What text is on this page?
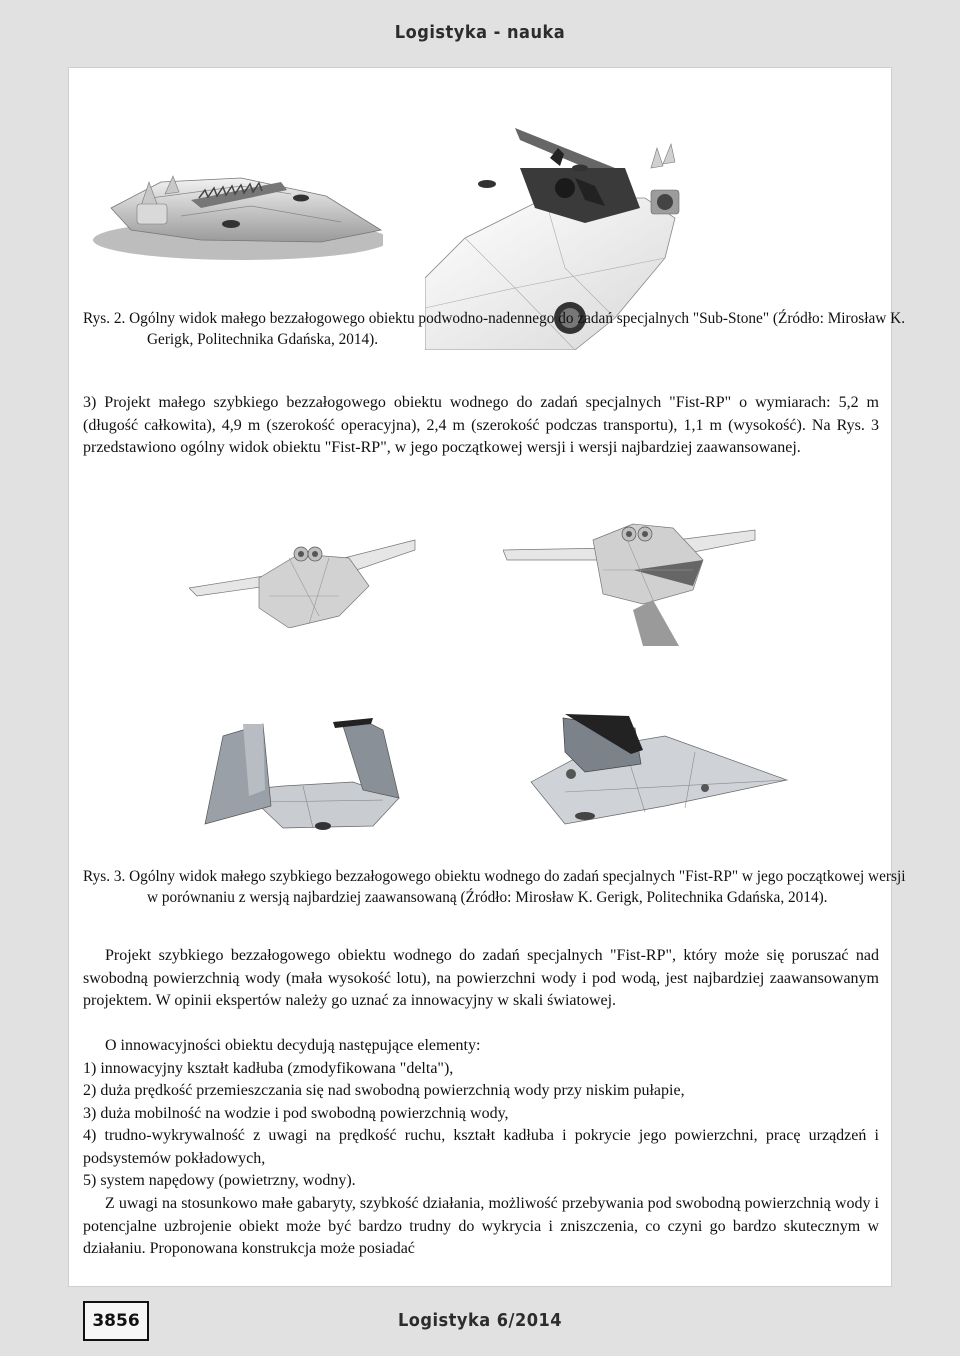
Logistyka - nauka
Rys. 2. Ogólny widok małego bezzałogowego obiektu podwodno-nadennego do zadań specjalnych "Sub-Stone" (Źródło: Mirosław K. Gerigk, Politechnika Gdańska, 2014).

3) Projekt małego szybkiego bezzałogowego obiektu wodnego do zadań specjalnych "Fist-RP" o wymiarach: 5,2 m (długość całkowita), 4,9 m (szerokość operacyjna), 2,4 m (szerokość podczas transportu), 1,1 m (wysokość). Na Rys. 3 przedstawiono ogólny widok obiektu "Fist-RP", w jego początkowej wersji i wersji najbardziej zaawansowanej.

Rys. 3. Ogólny widok małego szybkiego bezzałogowego obiektu wodnego do zadań specjalnych "Fist-RP" w jego początkowej wersji w porównaniu z wersją najbardziej zaawansowaną (Źródło: Mirosław K. Gerigk, Politechnika Gdańska, 2014).

Projekt szybkiego bezzałogowego obiektu wodnego do zadań specjalnych "Fist-RP", który może się poruszać nad swobodną powierzchnią wody (mała wysokość lotu), na powierzchni wody i pod wodą, jest najbardziej zaawansowanym projektem. W opinii ekspertów należy go uznać za innowacyjny w skali światowej.

O innowacyjności obiektu decydują następujące elementy:
1) innowacyjny kształt kadłuba (zmodyfikowana "delta"),
2) duża prędkość przemieszczania się nad swobodną powierzchnią wody przy niskim pułapie,
3) duża mobilność na wodzie i pod swobodną powierzchnią wody,
4) trudno-wykrywalność z uwagi na prędkość ruchu, kształt kadłuba i pokrycie jego powierzchni, pracę urządzeń i podsystemów pokładowych,
5) system napędowy (powietrzny, wodny).

Z uwagi na stosunkowo małe gabaryty, szybkość działania, możliwość przebywania pod swobodną powierzchnią wody i potencjalne uzbrojenie obiekt może być bardzo trudny do wykrycia i zniszczenia, co czyni go bardzo skutecznym w działaniu. Proponowana konstrukcja może posiadać

3856	Logistyka 6/2014
